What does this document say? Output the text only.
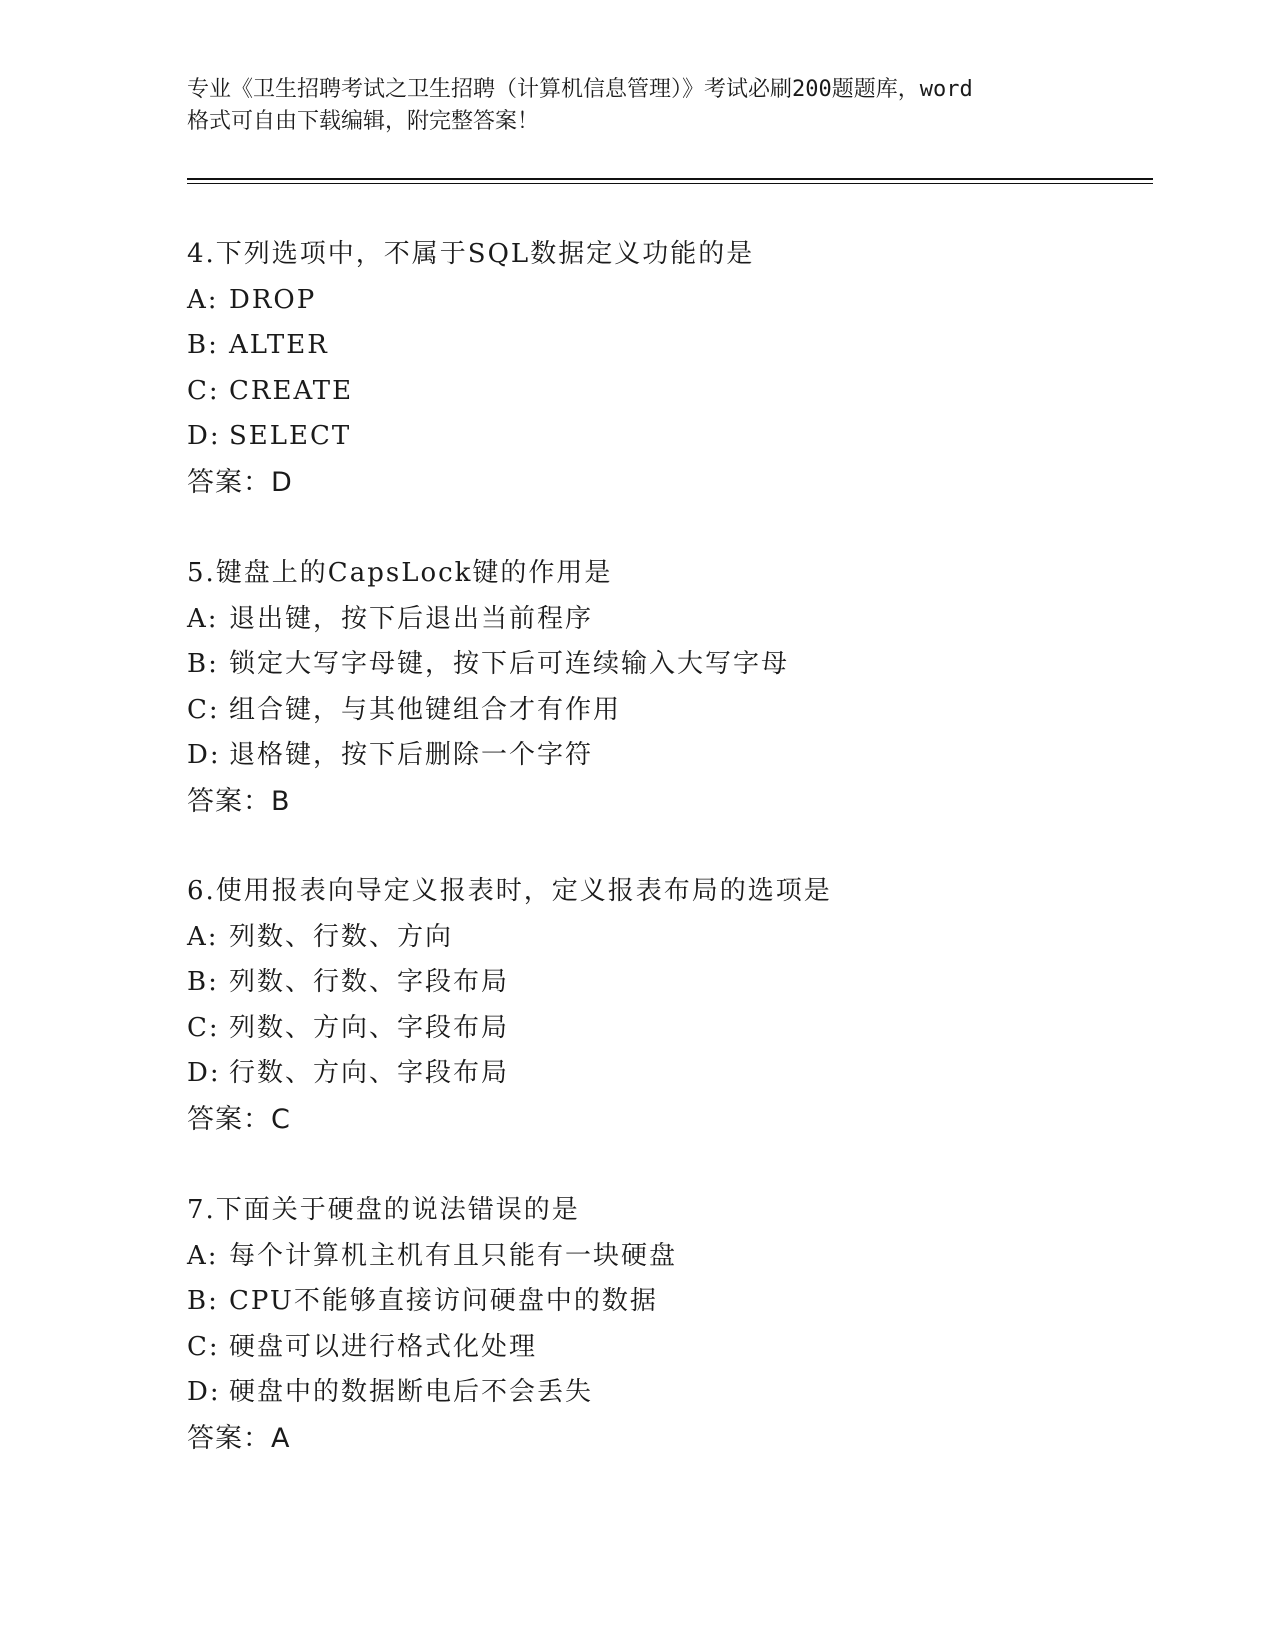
专业《卫生招聘考试之卫生招聘（计算机信息管理）》考试必刷200题题库，word
格式可自由下载编辑，附完整答案！
4.下列选项中，不属于SQL数据定义功能的是
A: DROP
B: ALTER
C: CREATE
D: SELECT
答案：D
5.键盘上的CapsLock键的作用是
A: 退出键，按下后退出当前程序
B: 锁定大写字母键，按下后可连续输入大写字母
C: 组合键，与其他键组合才有作用
D: 退格键，按下后删除一个字符
答案：B
6.使用报表向导定义报表时，定义报表布局的选项是
A: 列数、行数、方向
B: 列数、行数、字段布局
C: 列数、方向、字段布局
D: 行数、方向、字段布局
答案：C
7.下面关于硬盘的说法错误的是
A: 每个计算机主机有且只能有一块硬盘
B: CPU不能够直接访问硬盘中的数据
C: 硬盘可以进行格式化处理
D: 硬盘中的数据断电后不会丢失
答案：A
